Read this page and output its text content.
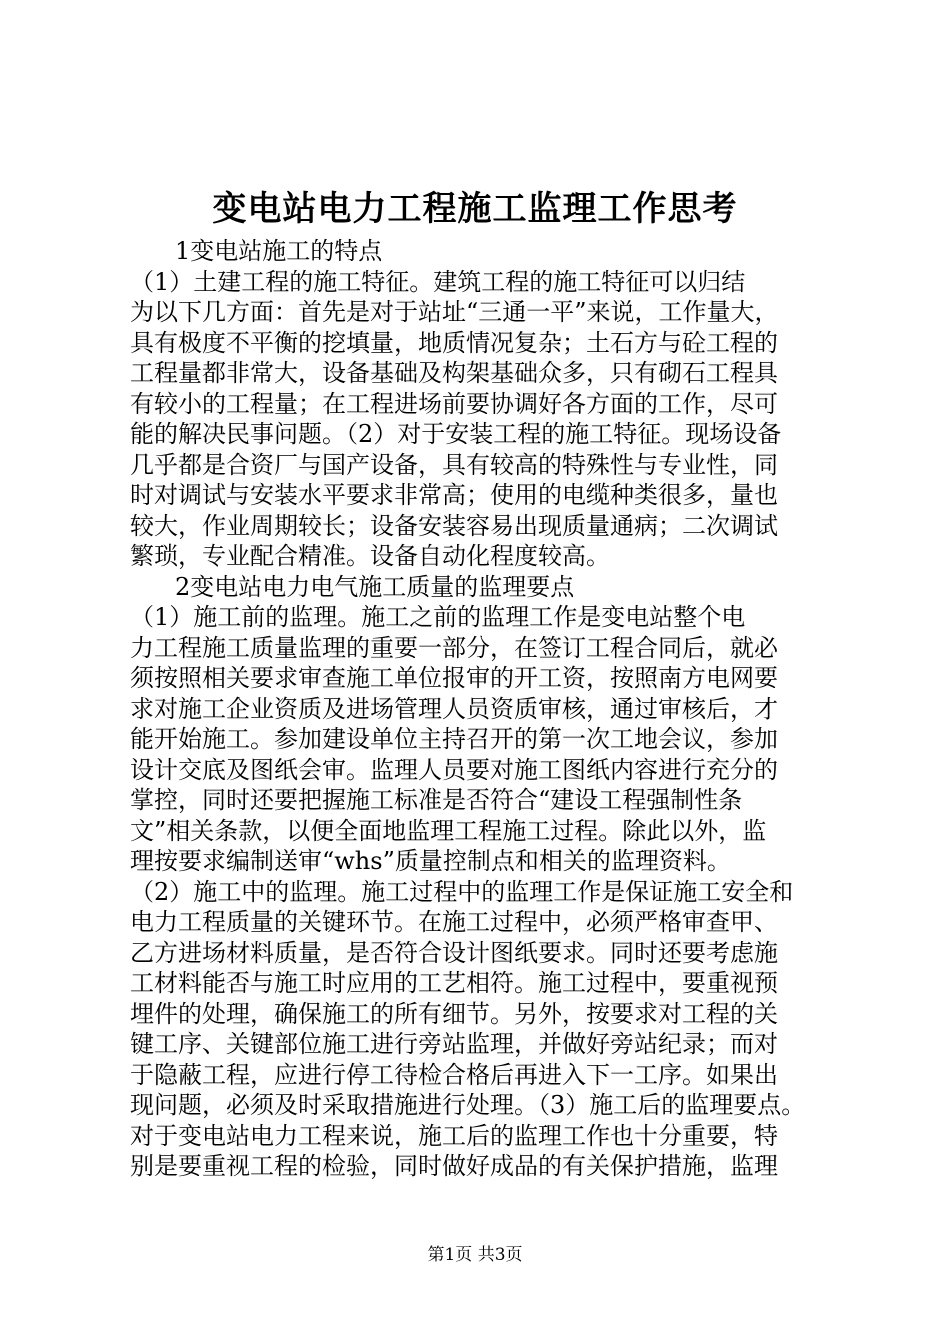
变电站电力工程施工监理工作思考
1变电站施工的特点
（1）土建工程的施工特征。建筑工程的施工特征可以归结
为以下几方面：首先是对于站址“三通一平”来说，工作量大，
具有极度不平衡的挖填量，地质情况复杂；土石方与砼工程的
工程量都非常大，设备基础及构架基础众多，只有砌石工程具
有较小的工程量；在工程进场前要协调好各方面的工作，尽可
能的解决民事问题。（2）对于安装工程的施工特征。现场设备
几乎都是合资厂与国产设备，具有较高的特殊性与专业性，同
时对调试与安装水平要求非常高；使用的电缆种类很多，量也
较大，作业周期较长；设备安装容易出现质量通病；二次调试
繁琐，专业配合精准。设备自动化程度较高。
2变电站电力电气施工质量的监理要点
（1）施工前的监理。施工之前的监理工作是变电站整个电
力工程施工质量监理的重要一部分，在签订工程合同后，就必
须按照相关要求审查施工单位报审的开工资，按照南方电网要
求对施工企业资质及进场管理人员资质审核，通过审核后，才
能开始施工。参加建设单位主持召开的第一次工地会议，参加
设计交底及图纸会审。监理人员要对施工图纸内容进行充分的
掌控，同时还要把握施工标准是否符合“建设工程强制性条
文”相关条款，以便全面地监理工程施工过程。除此以外，监
理按要求编制送审“whs”质量控制点和相关的监理资料。
（2）施工中的监理。施工过程中的监理工作是保证施工安全和
电力工程质量的关键环节。在施工过程中，必须严格审查甲、
乙方进场材料质量，是否符合设计图纸要求。同时还要考虑施
工材料能否与施工时应用的工艺相符。施工过程中，要重视预
埋件的处理，确保施工的所有细节。另外，按要求对工程的关
键工序、关键部位施工进行旁站监理，并做好旁站纪录；而对
于隐蔽工程，应进行停工待检合格后再进入下一工序。如果出
现问题，必须及时采取措施进行处理。（3）施工后的监理要点。
对于变电站电力工程来说，施工后的监理工作也十分重要，特
别是要重视工程的检验，同时做好成品的有关保护措施，监理
第1页 共3页
